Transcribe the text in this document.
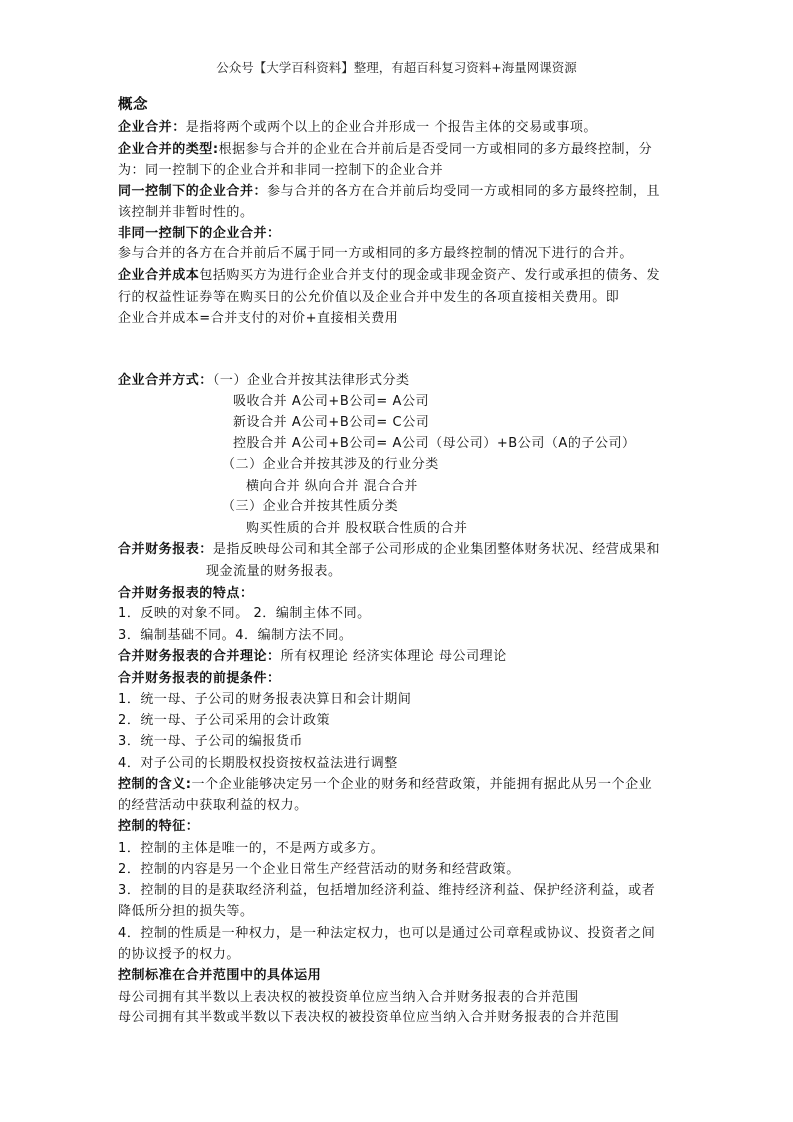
公众号【大学百科资料】整理，有超百科复习资料+海量网课资源
概念
企业合并：是指将两个或两个以上的企业合并形成一 个报告主体的交易或事项。
企业合并的类型:根据参与合并的企业在合并前后是否受同一方或相同的多方最终控制，分
为：同一控制下的企业合并和非同一控制下的企业合并
同一控制下的企业合并：参与合并的各方在合并前后均受同一方或相同的多方最终控制，且
该控制并非暂时性的。
非同一控制下的企业合并：
参与合并的各方在合并前后不属于同一方或相同的多方最终控制的情况下进行的合并。
企业合并成本包括购买方为进行企业合并支付的现金或非现金资产、发行或承担的债务、发
行的权益性证券等在购买日的公允价值以及企业合并中发生的各项直接相关费用。即
企业合并成本=合并支付的对价+直接相关费用
企业合并方式：（一）企业合并按其法律形式分类
吸收合并 A公司+B公司= A公司
新设合并 A公司+B公司= C公司
控股合并 A公司+B公司= A公司（母公司）+B公司（A的子公司）
（二）企业合并按其涉及的行业分类
横向合并 纵向合并 混合合并
（三）企业合并按其性质分类
购买性质的合并 股权联合性质的合并
合并财务报表：是指反映母公司和其全部子公司形成的企业集团整体财务状况、经营成果和
现金流量的财务报表。
合并财务报表的特点：
1．反映的对象不同。 2．编制主体不同。
3．编制基础不同。4．编制方法不同。
合并财务报表的合并理论：所有权理论 经济实体理论 母公司理论
合并财务报表的前提条件：
1．统一母、子公司的财务报表决算日和会计期间
2．统一母、子公司采用的会计政策
3．统一母、子公司的编报货币
4．对子公司的长期股权投资按权益法进行调整
控制的含义:一个企业能够决定另一个企业的财务和经营政策，并能拥有据此从另一个企业
的经营活动中获取利益的权力。
控制的特征：
1．控制的主体是唯一的，不是两方或多方。
2．控制的内容是另一个企业日常生产经营活动的财务和经营政策。
3．控制的目的是获取经济利益，包括增加经济利益、维持经济利益、保护经济利益，或者
降低所分担的损失等。
4．控制的性质是一种权力，是一种法定权力，也可以是通过公司章程或协议、投资者之间
的协议授予的权力。
控制标准在合并范围中的具体运用
母公司拥有其半数以上表决权的被投资单位应当纳入合并财务报表的合并范围
母公司拥有其半数或半数以下表决权的被投资单位应当纳入合并财务报表的合并范围
